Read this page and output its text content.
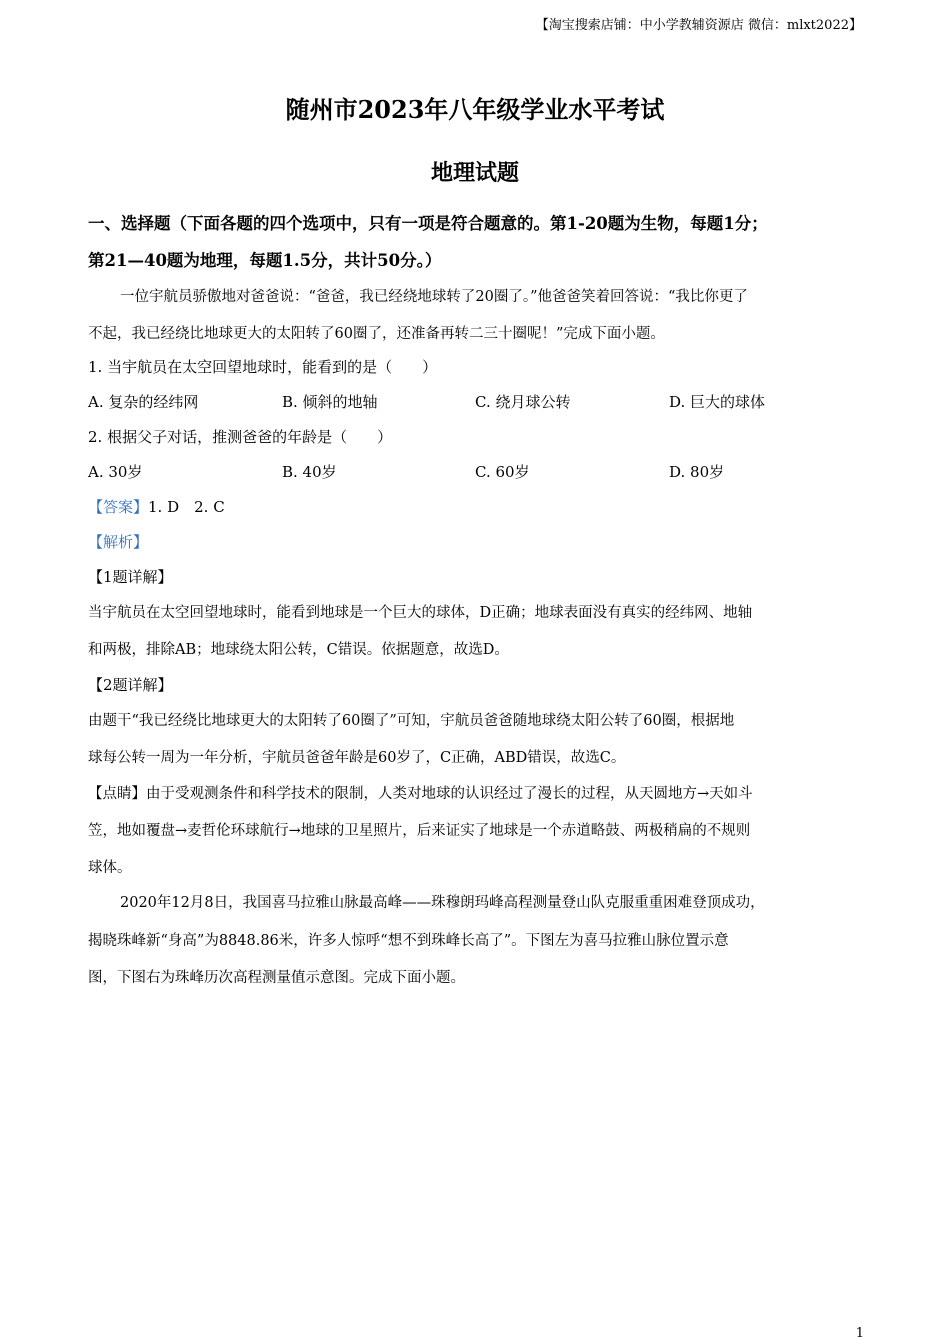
【淘宝搜索店铺：中小学教辅资源店 微信：mlxt2022】
随州市2023年八年级学业水平考试
地理试题
一、选择题（下面各题的四个选项中，只有一项是符合题意的。第1-20题为生物，每题1分；
第21—40题为地理，每题1.5分，共计50分。）
一位宇航员骄傲地对爸爸说：“爸爸，我已经绕地球转了20圈了。”他爸爸笑着回答说：“我比你更了
不起，我已经绕比地球更大的太阳转了60圈了，还准备再转二三十圈呢！”完成下面小题。
1. 当宇航员在太空回望地球时，能看到的是（　　）
A. 复杂的经纬网	B. 倾斜的地轴	C. 绕月球公转	D. 巨大的球体
2. 根据父子对话，推测爸爸的年龄是（　　）
A. 30岁	B. 40岁	C. 60岁	D. 80岁
【答案】1. D　2. C
【解析】
【1题详解】
当宇航员在太空回望地球时，能看到地球是一个巨大的球体，D正确；地球表面没有真实的经纬网、地轴
和两极，排除AB；地球绕太阳公转，C错误。依据题意，故选D。
【2题详解】
由题干“我已经绕比地球更大的太阳转了60圈了”可知，宇航员爸爸随地球绕太阳公转了60圈，根据地
球每公转一周为一年分析，宇航员爸爸年龄是60岁了，C正确，ABD错误，故选C。
【点睛】由于受观测条件和科学技术的限制，人类对地球的认识经过了漫长的过程，从天圆地方→天如斗
笠，地如覆盘→麦哲伦环球航行→地球的卫星照片，后来证实了地球是一个赤道略鼓、两极稍扁的不规则
球体。
2020年12月8日，我国喜马拉雅山脉最高峰——珠穆朗玛峰高程测量登山队克服重重困难登顶成功，
揭晓珠峰新“身高”为8848.86米，许多人惊呼“想不到珠峰长高了”。下图左为喜马拉雅山脉位置示意
图，下图右为珠峰历次高程测量值示意图。完成下面小题。
1
